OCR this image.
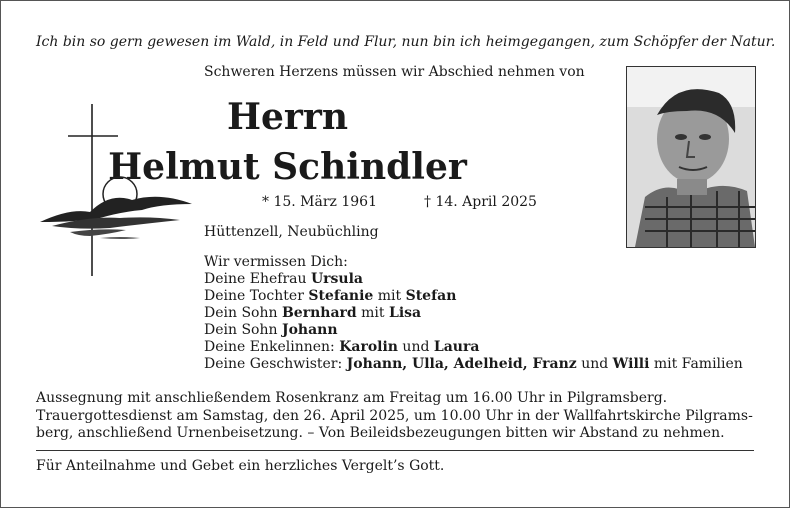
Ich bin so gern gewesen im Wald, in Feld und Flur, nun bin ich heimgegangen, zum Schöpfer der Natur.
Schweren Herzens müssen wir Abschied nehmen von
Herrn
Helmut Schindler
* 15. März 1961	† 14. April 2025
Hüttenzell, Neubüchling
Wir vermissen Dich:
Deine Ehefrau Ursula
Deine Tochter Stefanie mit Stefan
Dein Sohn Bernhard mit Lisa
Dein Sohn Johann
Deine Enkelinnen: Karolin und Laura
Deine Geschwister: Johann, Ulla, Adelheid, Franz und Willi mit Familien
Aussegnung mit anschließendem Rosenkranz am Freitag um 16.00 Uhr in Pilgramsberg.
Trauergottesdienst am Samstag, den 26. April 2025, um 10.00 Uhr in der Wallfahrtskirche Pilgrams-
berg, anschließend Urnenbeisetzung. – Von Beileidsbezeugungen bitten wir Abstand zu nehmen.
Für Anteilnahme und Gebet ein herzliches Vergelt’s Gott.
